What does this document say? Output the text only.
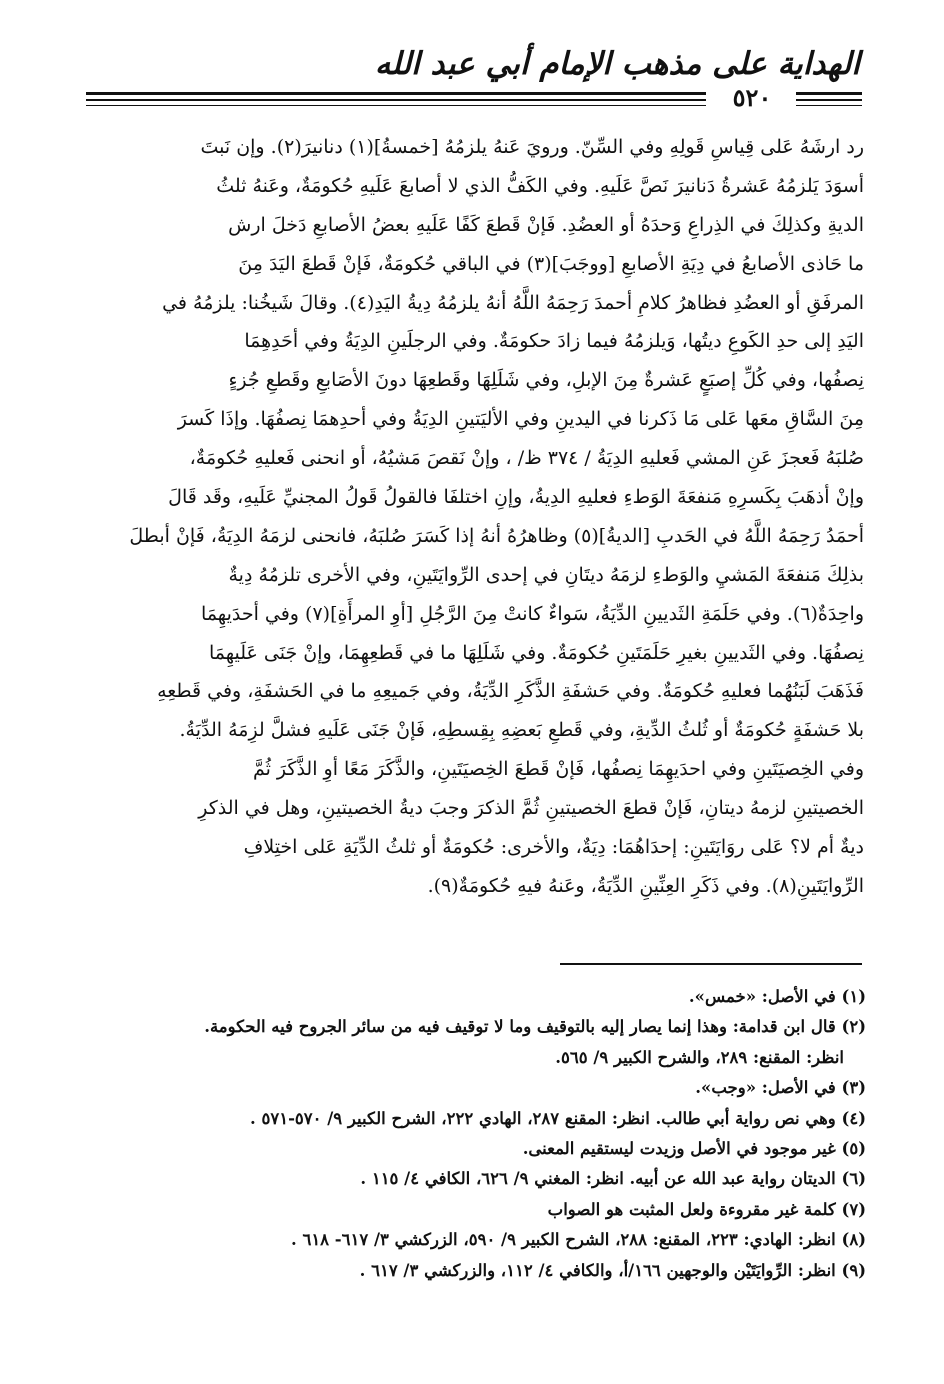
الهداية على مذهب الإمام أبي عبد الله
٥٢٠
رد ارشَهُ عَلى قِياسِ قَولِهِ وفي السِّنّ. ورويَ عَنهُ يلزمُهُ [خمسةُ](١) دنانيرَ(٢). وإن نَبتَ
أسوَدَ يَلزمُهُ عَشرةُ دَنانيرَ نَصَّ عَلَيهِ. وفي الكَفُّ الذي لا أصابعَ عَلَيهِ حُكومَةٌ، وعَنهُ ثلثُ
الديةِ وكذلِكَ في الذِراعِ وَحدَهُ أو العضُدِ. فَإنْ قَطعَ كَفًا عَلَيهِ بعضُ الأصابعِ دَخلَ ارش
ما حَاذى الأصابعُ في دِيَةِ الأصابعِ [ووجَبَ](٣) في الباقي حُكومَةٌ، فَإنْ قَطعَ اليَدَ مِنَ
المرفَقِ أو العضُدِ فظاهرُ كلامِ أحمدَ رَحِمَهُ اللَّهُ أنهُ يلزمُهُ دِيةُ اليَدِ(٤). وقالَ شَيخُنا: يلزمُهُ في
اليَدِ إلى حدِ الكَوعِ ديتُها، وَيلزمُهُ فيما زادَ حكومَةٌ. وفي الرجلَينِ الدِيَةُ وفي أحَدِهِمَا
نِصفُها، وفي كُلِّ إصبَعٍ عَشرةٌ مِنَ الإبلِ، وفي شَلَلِهَا وقَطعِهَا دونَ الأصَابعِ وقَطعِ جُزءٍ
مِنَ السَّاقِ معَها عَلى مَا ذَكرنا في اليدينِ وفي الأليَتينِ الدِيَةُ وفي أحدِهمَا نِصفُهَا. وإذَا كَسرَ
صُلبَهُ فَعجزَ عَنِ المشي فَعليهِ الدِيَةُ / ٣٧٤ ظ/ ، وإنْ نَقصَ مَشيُهُ، أو انحنى فَعليهِ حُكومَةٌ،
وإنْ أذهَبَ بِكَسرِهِ مَنفعَةَ الوَطءِ فعليهِ الدِيةُ، وإنِ اختلفَا فالقولُ قَولُ المجنيِّ عَلَيهِ، وقَد قَالَ
أحمَدُ رَحِمَهُ اللَّهُ في الحَدبِ [الديةُ](٥) وظاهرُهُ أنهُ إذا كَسَرَ صُلبَهُ، فانحنى لزمَهُ الدِيَةُ، فَإنْ أبطلَ
بذلِكَ مَنفعَةَ المَشيِ والوَطءِ لزمَهُ ديتَانِ في إحدى الرِّوايَتَينِ، وفي الأخرى تلزمُهُ دِيةٌ
واحِدَةٌ(٦). وفي حَلَمَةِ الثَديينِ الدِّيَةُ، سَواءٌ كانتْ مِنَ الرَّجُلِ [أوِ المرأَةِ](٧) وفي أحدَيهِمَا
نِصفُهَا. وفي الثَديينِ بغيرِ حَلَمَتَينِ حُكومَةٌ. وفي شَلَلِهَا ما في قَطعِهِمَا، وإنْ جَنَى عَلَيهِمَا
فَذَهَبَ لَبَنُهُما فعليهِ حُكومَةٌ. وفي حَشفَةِ الذَّكَرِ الدِّيَةُ، وفي جَميعِهِ ما في الحَشفَةِ، وفي قَطعِهِ
بلا حَشفَةٍ حُكومَةٌ أو ثُلثُ الدِّيةِ، وفي قَطعِ بَعضِهِ بِقِسطِهِ، فَإنْ جَنَى عَلَيهِ فشلَّ لزِمَهُ الدِّيَةُ.
وفي الخِصيَتَينِ وفي احدَيهِمَا نِصفُها، فَإنْ قَطعَ الخِصيَتَينِ، والذَّكَرَ مَعًا أوِ الذَّكَرَ ثُمَّ
الخصيتينِ لزمهُ ديتانِ، فَإنْ قطعَ الخصيتينِ ثُمَّ الذكرَ وجبَ ديةُ الخصيتينِ، وهل في الذكرِ
ديةٌ أم لا؟ عَلى روَايَتَينِ: إحدَاهُمَا: دِيَةٌ، والأخرى: حُكومَةٌ أو ثلثُ الدِّيَةِ عَلى اختِلافِ
الرِّوايَتَينِ(٨). وفي ذَكَرِ العِنِّينِ الدِّيَةُ، وعَنهُ فيهِ حُكومَةٌ(٩).
(١) في الأصل: «خمس».
(٢) قال ابن قدامة: وهذا إنما يصار إليه بالتوقيف وما لا توقيف فيه من سائر الجروح فيه الحكومة.
انظر: المقنع: ٢٨٩، والشرح الكبير ٩/ ٥٦٥.
(٣) في الأصل: «وجب».
(٤) وهي نص رواية أبي طالب. انظر: المقنع ٢٨٧، الهادي ٢٢٢، الشرح الكبير ٩/ ٥٧٠-٥٧١ .
(٥) غير موجود في الأصل وزيدت ليستقيم المعنى.
(٦) الديتان رواية عبد الله عن أبيه. انظر: المغني ٩/ ٦٢٦، الكافي ٤/ ١١٥ .
(٧) كلمة غير مقروءة ولعل المثبت هو الصواب
(٨) انظر: الهادي: ٢٢٣، المقنع: ٢٨٨، الشرح الكبير ٩/ ٥٩٠، الزركشي ٣/ ٦١٧- ٦١٨ .
(٩) انظر: الرِّوايَتَيْن والوجهين ١٦٦/أ، والكافي ٤/ ١١٢، والزركشي ٣/ ٦١٧ .
